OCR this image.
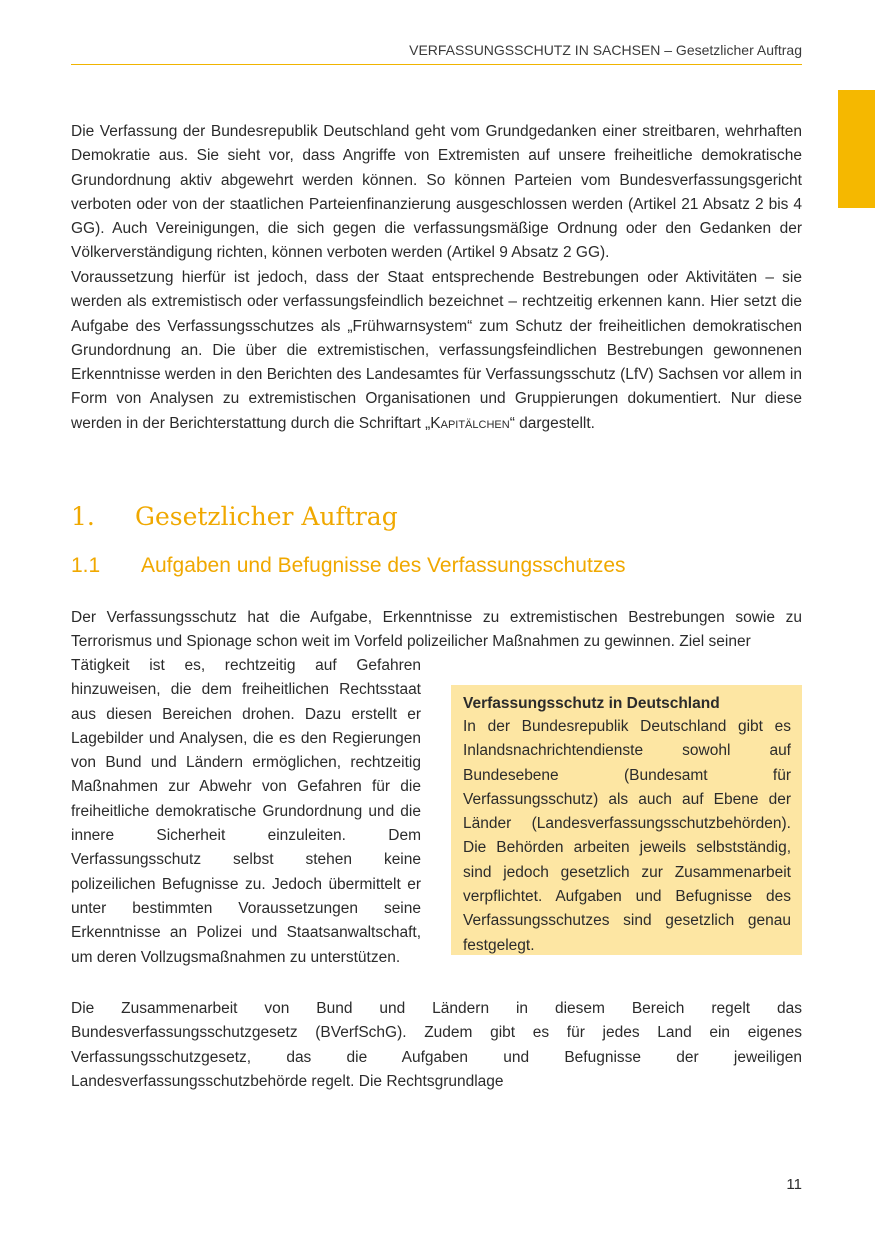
VERFASSUNGSSCHUTZ IN SACHSEN – Gesetzlicher Auftrag

Die Verfassung der Bundesrepublik Deutschland geht vom Grundgedanken einer streitbaren, wehrhaften Demokratie aus. Sie sieht vor, dass Angriffe von Extremisten auf unsere freiheitliche demokratische Grundordnung aktiv abgewehrt werden können. So können Parteien vom Bundesverfassungsgericht verboten oder von der staatlichen Parteienfinanzierung ausgeschlossen werden (Artikel 21 Absatz 2 bis 4 GG). Auch Vereinigungen, die sich gegen die verfassungsmäßige Ordnung oder den Gedanken der Völkerverständigung richten, können verboten werden (Artikel 9 Absatz 2 GG).

Voraussetzung hierfür ist jedoch, dass der Staat entsprechende Bestrebungen oder Aktivitäten – sie werden als extremistisch oder verfassungsfeindlich bezeichnet – rechtzeitig erkennen kann. Hier setzt die Aufgabe des Verfassungsschutzes als „Frühwarnsystem“ zum Schutz der freiheitlichen demokratischen Grundordnung an. Die über die extremistischen, verfassungsfeindlichen Bestrebungen gewonnenen Erkenntnisse werden in den Berichten des Landesamtes für Verfassungsschutz (LfV) Sachsen vor allem in Form von Analysen zu extremistischen Organisationen und Gruppierungen dokumentiert. Nur diese werden in der Berichterstattung durch die Schriftart „Kapitälchen“ dargestellt.

1. Gesetzlicher Auftrag
1.1 Aufgaben und Befugnisse des Verfassungsschutzes

Der Verfassungsschutz hat die Aufgabe, Erkenntnisse zu extremistischen Bestrebungen sowie zu Terrorismus und Spionage schon weit im Vorfeld polizeilicher Maßnahmen zu gewinnen. Ziel seiner

Tätigkeit ist es, rechtzeitig auf Gefahren hinzuweisen, die dem freiheitlichen Rechtsstaat aus diesen Bereichen drohen. Dazu erstellt er Lagebilder und Analysen, die es den Regierungen von Bund und Ländern ermöglichen, rechtzeitig Maßnahmen zur Abwehr von Gefahren für die freiheitliche demokratische Grundordnung und die innere Sicherheit einzuleiten. Dem Verfassungsschutz selbst stehen keine polizeilichen Befugnisse zu. Jedoch übermittelt er unter bestimmten Voraussetzungen seine Erkenntnisse an Polizei und Staatsanwaltschaft, um deren Vollzugsmaßnahmen zu unterstützen.

Verfassungsschutz in Deutschland

In der Bundesrepublik Deutschland gibt es Inlandsnachrichtendienste sowohl auf Bundesebene (Bundesamt für Verfassungsschutz) als auch auf Ebene der Länder (Landesverfassungsschutzbehörden). Die Behörden arbeiten jeweils selbstständig, sind jedoch gesetzlich zur Zusammenarbeit verpflichtet. Aufgaben und Befugnisse des Verfassungsschutzes sind gesetzlich genau festgelegt.

Die Zusammenarbeit von Bund und Ländern in diesem Bereich regelt das Bundesverfassungsschutzgesetz (BVerfSchG). Zudem gibt es für jedes Land ein eigenes Verfassungsschutzgesetz, das die Aufgaben und Befugnisse der jeweiligen Landesverfassungsschutzbehörde regelt. Die Rechtsgrundlage

11
